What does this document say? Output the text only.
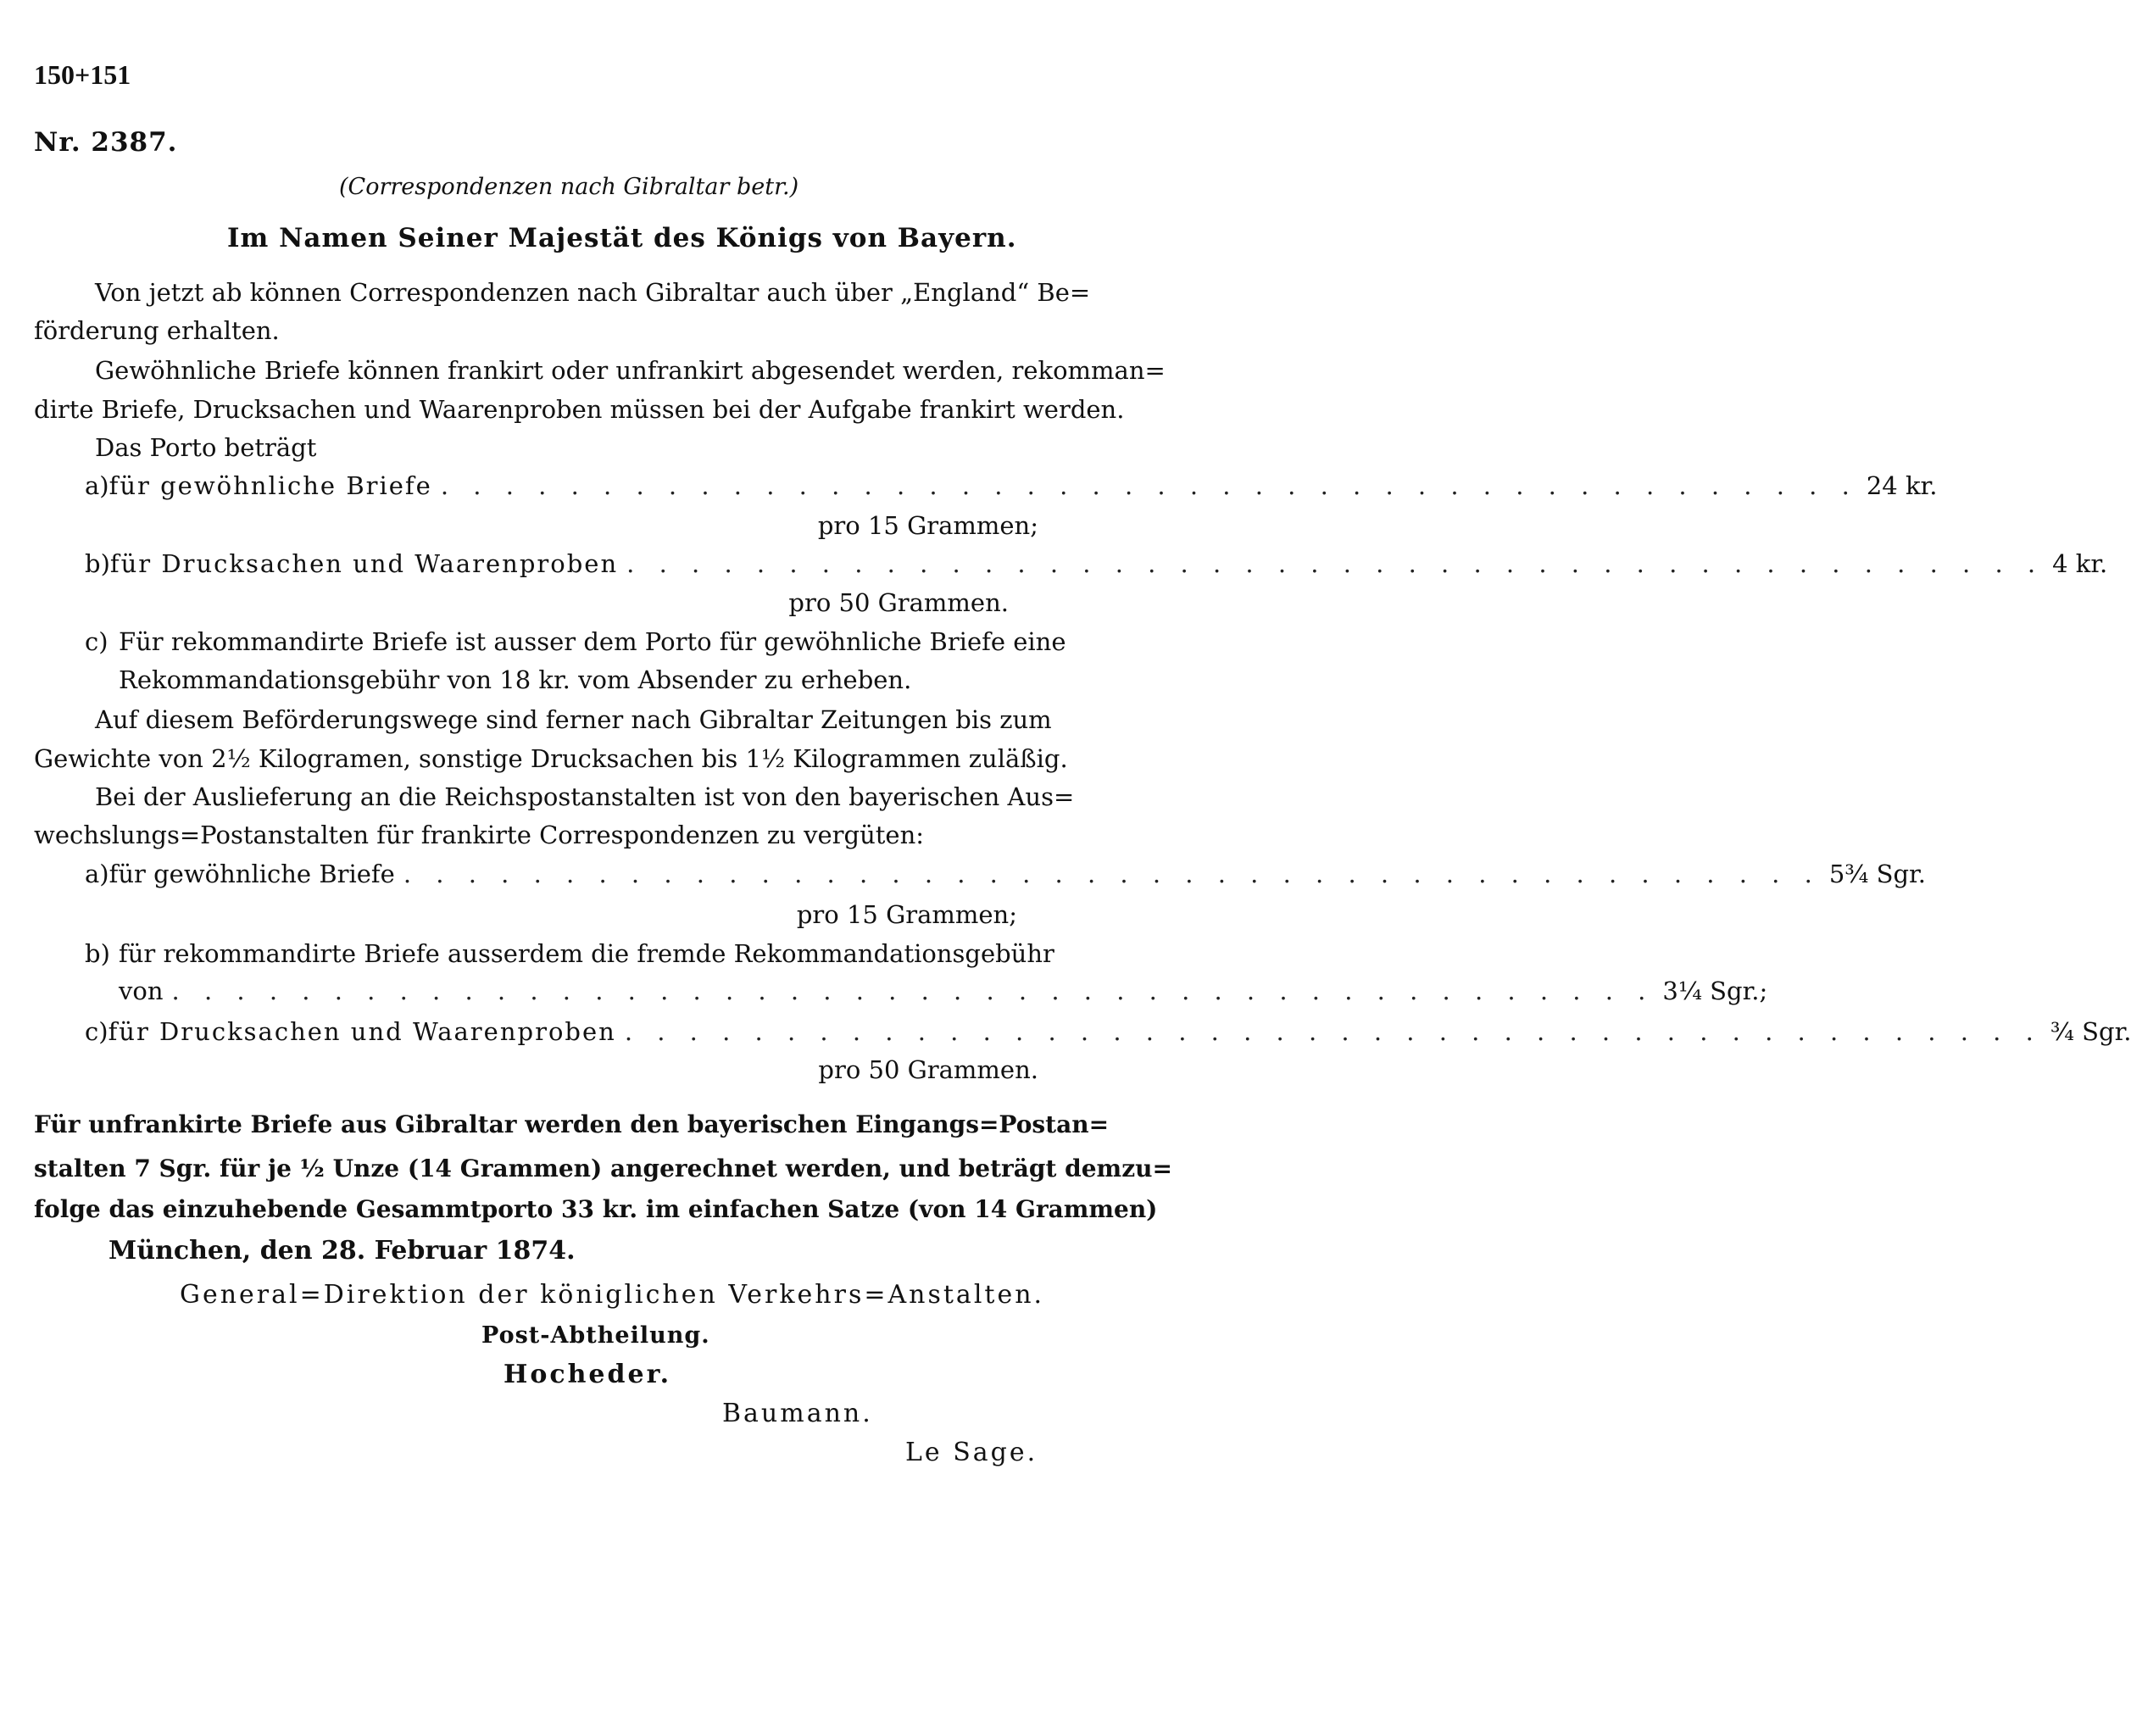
150+151
Nr. 2387.
(Correspondenzen nach Gibraltar betr.)
Im Namen Seiner Majestät des Königs von Bayern.
Von jetzt ab können Correspondenzen nach Gibraltar auch über „England“ Be=
förderung erhalten.
Gewöhnliche Briefe können frankirt oder unfrankirt abgesendet werden, rekomman=
dirte Briefe, Drucksachen und Waarenproben müssen bei der Aufgabe frankirt werden.
Das Porto beträgt
a) für gewöhnliche Briefe . . . . . . . . . . . . . . . . . . . . . . . . . . . . . . . . . . . . . . . . . . . . 24 kr.
pro 15 Grammen;
b) für Drucksachen und Waarenproben . . . . . . . . . . . . . . . . . . . . . . . . . . . . . . . . . . . . . . . . . . . . 4 kr.
pro 50 Grammen.
c) Für rekommandirte Briefe ist ausser dem Porto für gewöhnliche Briefe eine
Rekommandationsgebühr von 18 kr. vom Absender zu erheben.
Auf diesem Beförderungswege sind ferner nach Gibraltar Zeitungen bis zum
Gewichte von 2½ Kilogramen, sonstige Drucksachen bis 1½ Kilogrammen zuläßig.
Bei der Auslieferung an die Reichspostanstalten ist von den bayerischen Aus=
wechslungs=Postanstalten für frankirte Correspondenzen zu vergüten:
a) für gewöhnliche Briefe . . . . . . . . . . . . . . . . . . . . . . . . . . . . . . . . . . . . . . . . . . . . 5¾ Sgr.
pro 15 Grammen;
b) für rekommandirte Briefe ausserdem die fremde Rekommandationsgebühr
von . . . . . . . . . . . . . . . . . . . . . . . . . . . . . . . . . . . . . . . . . . . . . . 3¼ Sgr.;
c) für Drucksachen und Waarenproben . . . . . . . . . . . . . . . . . . . . . . . . . . . . . . . . . . . . . . . . . . . . ¾ Sgr.
pro 50 Grammen.
Für unfrankirte Briefe aus Gibraltar werden den bayerischen Eingangs=Postan=
stalten 7 Sgr. für je ½ Unze (14 Grammen) angerechnet werden, und beträgt demzu=
folge das einzuhebende Gesammtporto 33 kr. im einfachen Satze (von 14 Grammen)
München, den 28. Februar 1874.
General=Direktion der königlichen Verkehrs=Anstalten.
Post-Abtheilung.
Hocheder.
Baumann.
Le Sage.
